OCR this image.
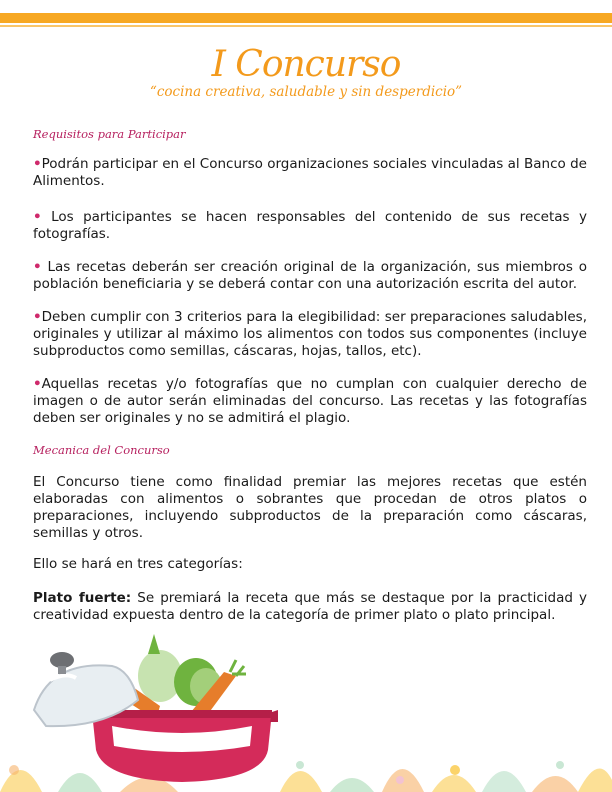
I Concurso
“cocina creativa, saludable y sin desperdicio”
Requisitos para Participar
•Podrán participar en el Concurso organizaciones sociales vinculadas al Banco de Alimentos.
• Los participantes se hacen responsables del contenido de sus recetas y fotografías.
• Las recetas deberán ser creación original de la organización, sus miembros o población beneficiaria y se deberá contar con una autorización escrita del autor.
•Deben cumplir con 3 criterios para la elegibilidad: ser preparaciones saludables, originales y utilizar al máximo los alimentos con todos sus componentes (incluye subproductos como semillas, cáscaras, hojas, tallos, etc).
•Aquellas recetas y/o fotografías que no cumplan con cualquier derecho de imagen o de autor serán eliminadas del concurso. Las recetas y las fotografías deben ser originales y no se admitirá el plagio.
Mecanica del Concurso
El Concurso tiene como finalidad premiar las mejores recetas que estén elaboradas con alimentos o sobrantes que procedan de otros platos o preparaciones, incluyendo subproductos de la preparación como cáscaras, semillas y otros.
Ello se hará en tres categorías:
Plato fuerte: Se premiará la receta que más se destaque por la practicidad y creatividad expuesta dentro de la categoría de primer plato o plato principal.
